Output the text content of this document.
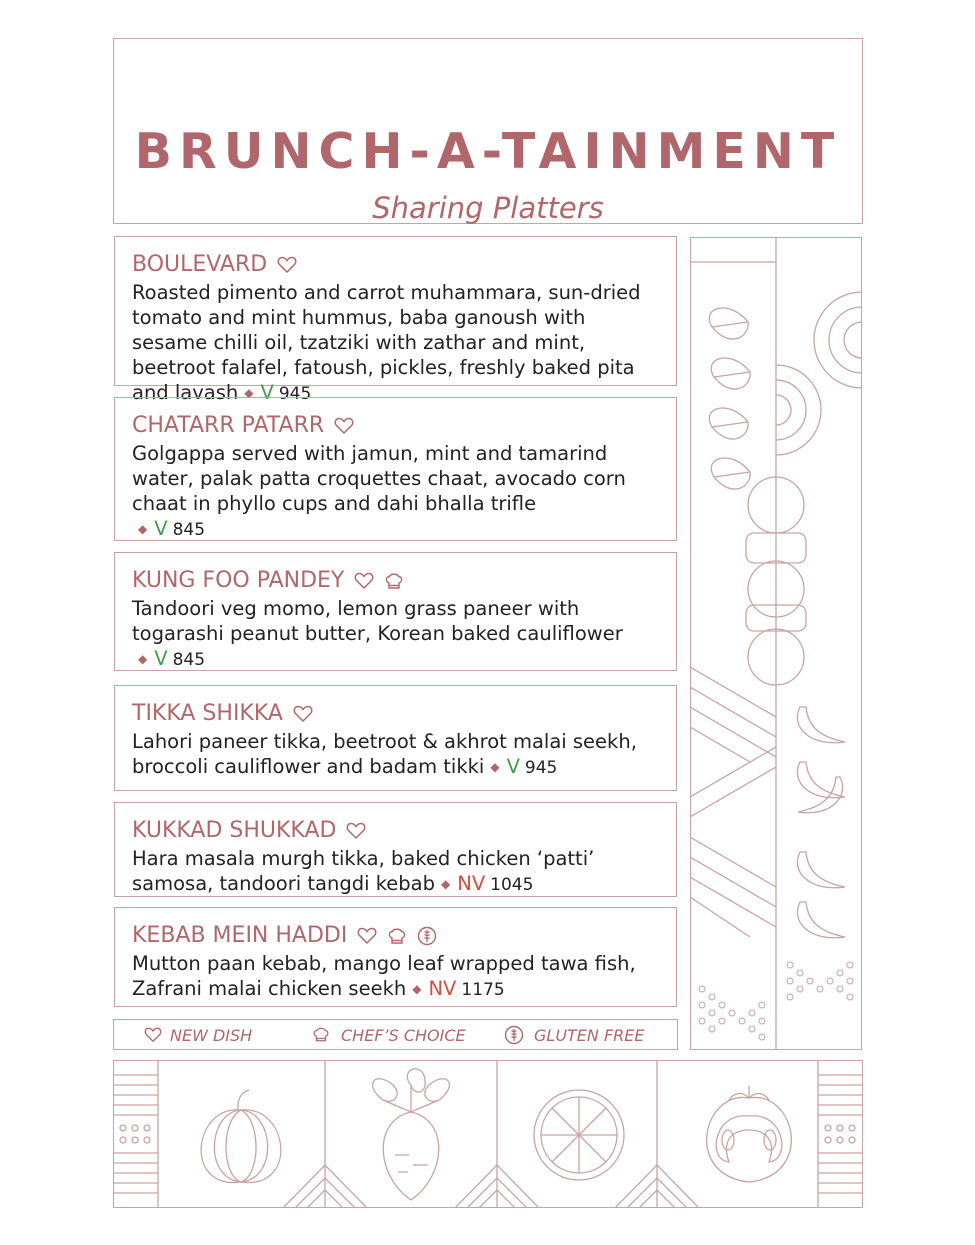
BRUNCH-A-TAINMENT
Sharing Platters
BOULEVARD
Roasted pimento and carrot muhammara, sun-dried tomato and mint hummus, baba ganoush with sesame chilli oil, tzatziki with zathar and mint, beetroot falafel, fatoush, pickles, freshly baked pita and lavash ◆ V 945
CHATARR PATARR
Golgappa served with jamun, mint and tamarind water, palak patta croquettes chaat, avocado corn chaat in phyllo cups and dahi bhalla trifle
◆ V 845
KUNG FOO PANDEY
Tandoori veg momo, lemon grass paneer with togarashi peanut butter, Korean baked cauliflower
◆ V 845
TIKKA SHIKKA
Lahori paneer tikka, beetroot & akhrot malai seekh, broccoli cauliflower and badam tikki ◆ V 945
KUKKAD SHUKKAD
Hara masala murgh tikka, baked chicken ‘patti’ samosa, tandoori tangdi kebab ◆ NV 1045
KEBAB MEIN HADDI
Mutton paan kebab, mango leaf wrapped tawa fish, Zafrani malai chicken seekh ◆ NV 1175
NEW DISH	CHEF’S CHOICE	GLUTEN FREE
